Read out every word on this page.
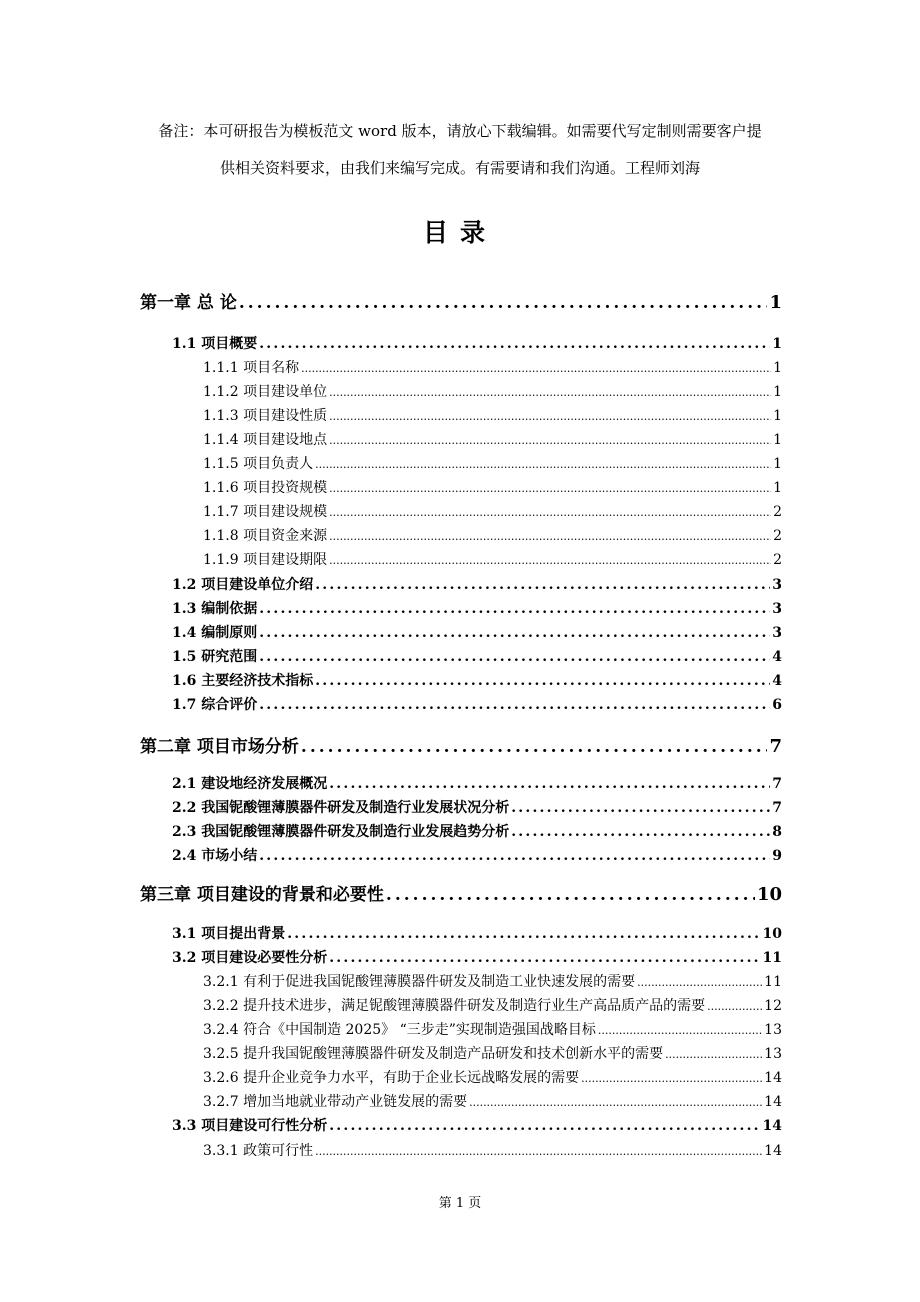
备注：本可研报告为模板范文 word 版本，请放心下载编辑。如需要代写定制则需要客户提
供相关资料要求，由我们来编写完成。有需要请和我们沟通。工程师刘海
目录
第一章 总 论 .....	1
1.1 项目概要 .....	1
1.1.1 项目名称 .....	1
1.1.2 项目建设单位 .....	1
1.1.3 项目建设性质 .....	1
1.1.4 项目建设地点 .....	1
1.1.5 项目负责人 .....	1
1.1.6 项目投资规模 .....	1
1.1.7 项目建设规模 .....	2
1.1.8 项目资金来源 .....	2
1.1.9 项目建设期限 .....	2
1.2 项目建设单位介绍 .....	3
1.3 编制依据 .....	3
1.4 编制原则 .....	3
1.5 研究范围 .....	4
1.6 主要经济技术指标 .....	4
1.7 综合评价 .....	6
第二章 项目市场分析 .....	7
2.1 建设地经济发展概况 .....	7
2.2 我国铌酸锂薄膜器件研发及制造行业发展状况分析 .....	7
2.3 我国铌酸锂薄膜器件研发及制造行业发展趋势分析 .....	8
2.4 市场小结 .....	9
第三章 项目建设的背景和必要性 .....	10
3.1 项目提出背景 .....	10
3.2 项目建设必要性分析 .....	11
3.2.1 有利于促进我国铌酸锂薄膜器件研发及制造工业快速发展的需要 .....	11
3.2.2 提升技术进步，满足铌酸锂薄膜器件研发及制造行业生产高品质产品的需要 .....	12
3.2.4 符合《中国制造 2025》 “三步走”实现制造强国战略目标 .....	13
3.2.5 提升我国铌酸锂薄膜器件研发及制造产品研发和技术创新水平的需要 .....	13
3.2.6 提升企业竞争力水平，有助于企业长远战略发展的需要 .....	14
3.2.7 增加当地就业带动产业链发展的需要 .....	14
3.3 项目建设可行性分析 .....	14
3.3.1 政策可行性 .....	14
第 1 页
